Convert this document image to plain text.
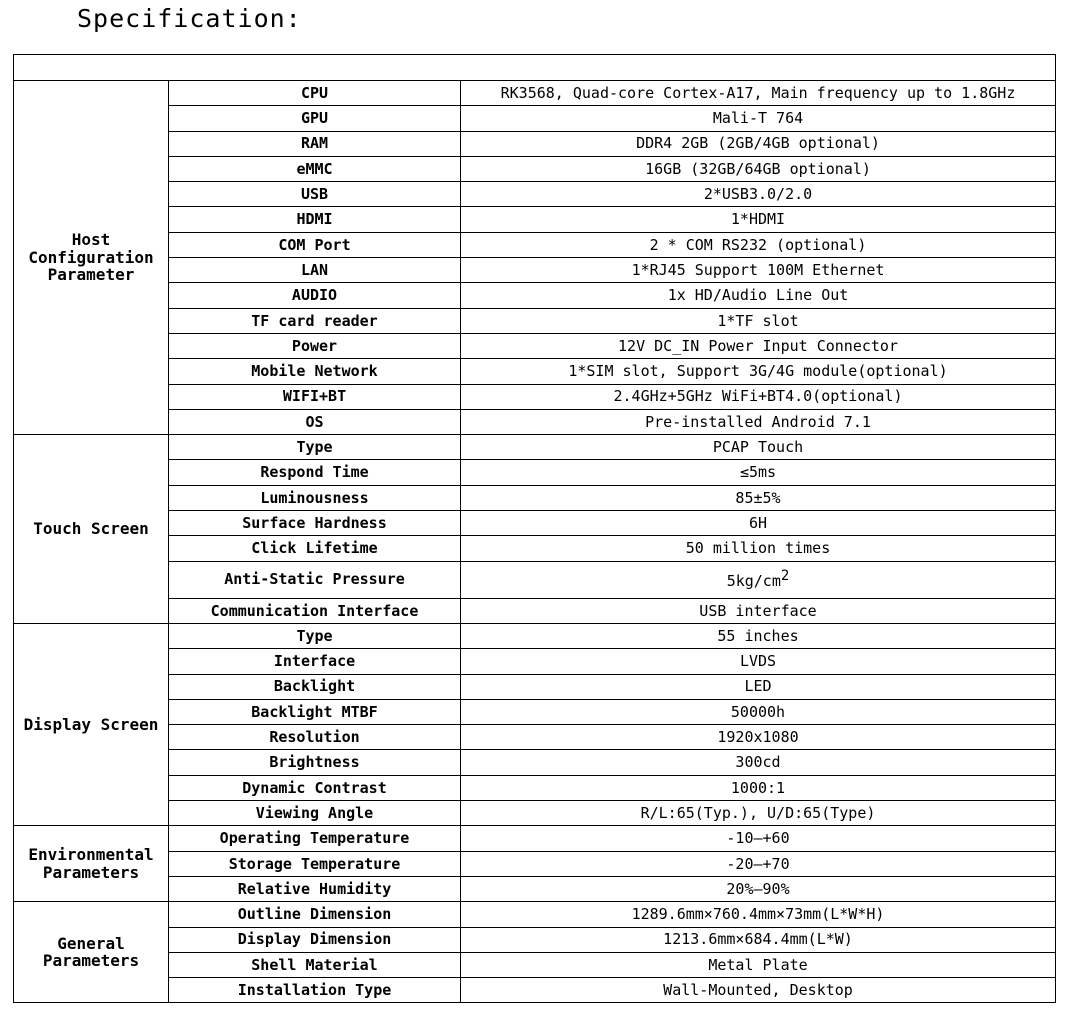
Specification:

Host Configuration Parameter	CPU	RK3568, Quad-core Cortex-A17, Main frequency up to 1.8GHz
	GPU	Mali-T 764
	RAM	DDR4 2GB (2GB/4GB optional)
	eMMC	16GB (32GB/64GB optional)
	USB	2*USB3.0/2.0
	HDMI	1*HDMI
	COM Port	2 * COM RS232 (optional)
	LAN	1*RJ45 Support 100M Ethernet
	AUDIO	1x HD/Audio Line Out
	TF card reader	1*TF slot
	Power	12V DC_IN Power Input Connector
	Mobile Network	1*SIM slot, Support 3G/4G module(optional)
	WIFI+BT	2.4GHz+5GHz WiFi+BT4.0(optional)
	OS	Pre-installed Android 7.1
Touch Screen	Type	PCAP Touch
	Respond Time	≤5ms
	Luminousness	85±5%
	Surface Hardness	6H
	Click Lifetime	50 million times
	Anti-Static Pressure	$5kg/cm^2$
	Communication Interface	USB interface
Display Screen	Type	55 inches
	Interface	LVDS
	Backlight	LED
	Backlight MTBF	50000h
	Resolution	1920x1080
	Brightness	300cd
	Dynamic Contrast	1000:1
	Viewing Angle	R/L:65(Typ.), U/D:65(Type)
Environmental Parameters	Operating Temperature	-10—+60
	Storage Temperature	-20—+70
	Relative Humidity	20%—90%
General Parameters	Outline Dimension	1289.6mm×760.4mm×73mm(L*W*H)
	Display Dimension	1213.6mm×684.4mm(L*W)
	Shell Material	Metal Plate
	Installation Type	Wall-Mounted, Desktop
